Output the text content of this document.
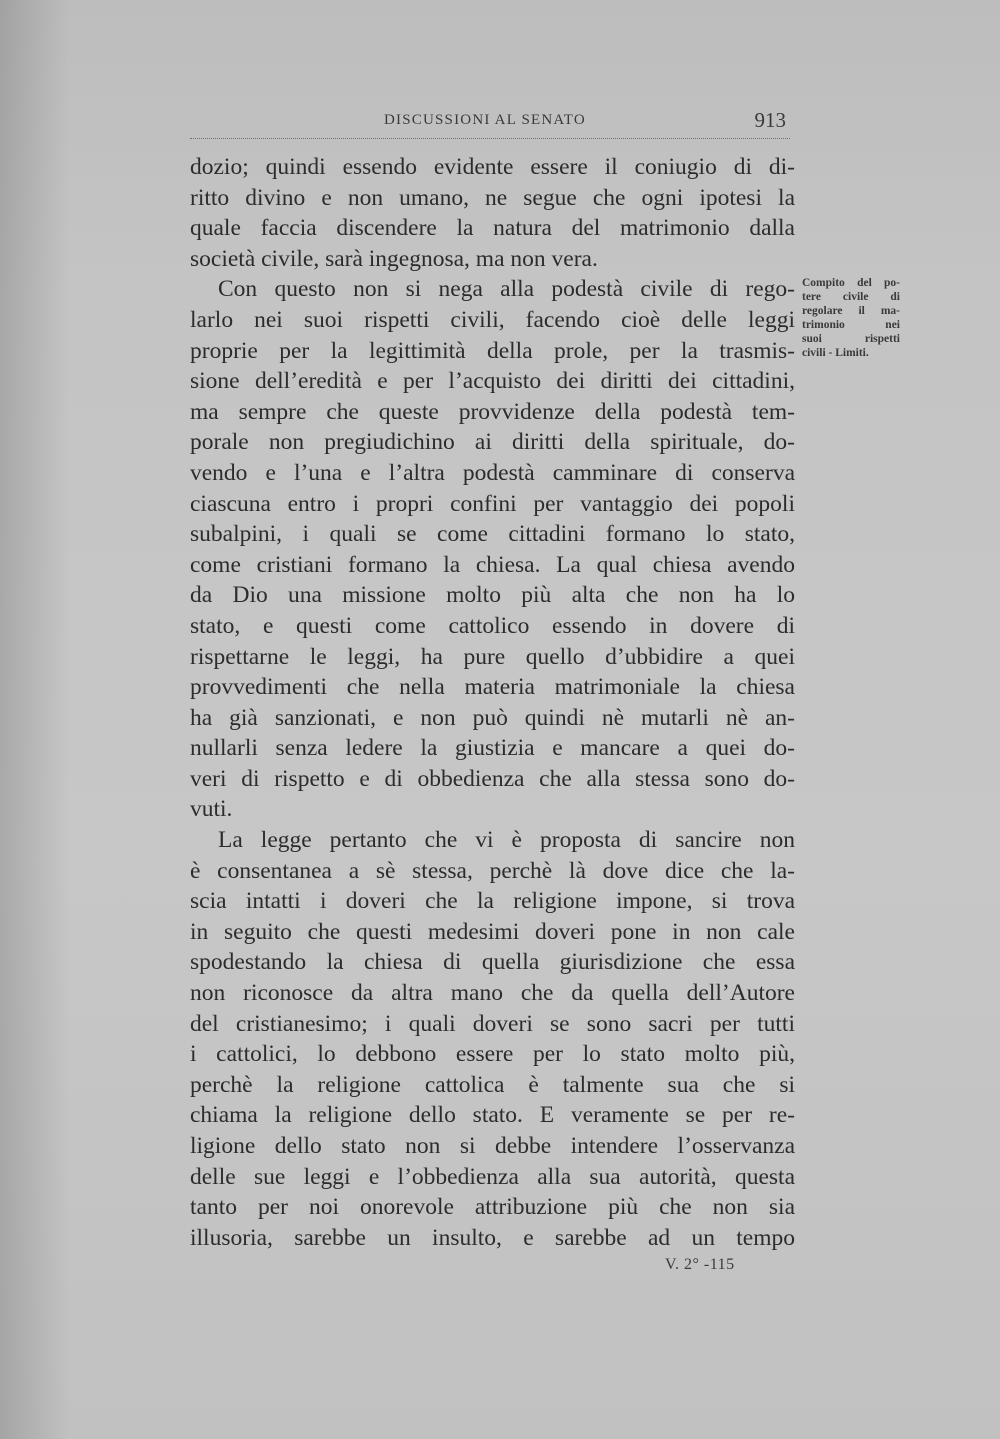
DISCUSSIONI AL SENATO	913
dozio; quindi essendo evidente essere il coniugio di di-
ritto divino e non umano, ne segue che ogni ipotesi la
quale faccia discendere la natura del matrimonio dalla
società civile, sarà ingegnosa, ma non vera.
Con questo non si nega alla podestà civile di rego-
larlo nei suoi rispetti civili, facendo cioè delle leggi
proprie per la legittimità della prole, per la trasmis-
sione dell’eredità e per l’acquisto dei diritti dei cittadini,
ma sempre che queste provvidenze della podestà tem-
porale non pregiudichino ai diritti della spirituale, do-
vendo e l’una e l’altra podestà camminare di conserva
ciascuna entro i propri confini per vantaggio dei popoli
subalpini, i quali se come cittadini formano lo stato,
come cristiani formano la chiesa. La qual chiesa avendo
da Dio una missione molto più alta che non ha lo
stato, e questi come cattolico essendo in dovere di
rispettarne le leggi, ha pure quello d’ubbidire a quei
provvedimenti che nella materia matrimoniale la chiesa
ha già sanzionati, e non può quindi nè mutarli nè an-
nullarli senza ledere la giustizia e mancare a quei do-
veri di rispetto e di obbedienza che alla stessa sono do-
vuti.
La legge pertanto che vi è proposta di sancire non
è consentanea a sè stessa, perchè là dove dice che la-
scia intatti i doveri che la religione impone, si trova
in seguito che questi medesimi doveri pone in non cale
spodestando la chiesa di quella giurisdizione che essa
non riconosce da altra mano che da quella dell’Autore
del cristianesimo; i quali doveri se sono sacri per tutti
i cattolici, lo debbono essere per lo stato molto più,
perchè la religione cattolica è talmente sua che si
chiama la religione dello stato. E veramente se per re-
ligione dello stato non si debbe intendere l’osservanza
delle sue leggi e l’obbedienza alla sua autorità, questa
tanto per noi onorevole attribuzione più che non sia
illusoria, sarebbe un insulto, e sarebbe ad un tempo
Compito del po-
tere civile di
regolare il ma-
trimonio nei
suoi rispetti
civili - Limiti.
V. 2° -115
